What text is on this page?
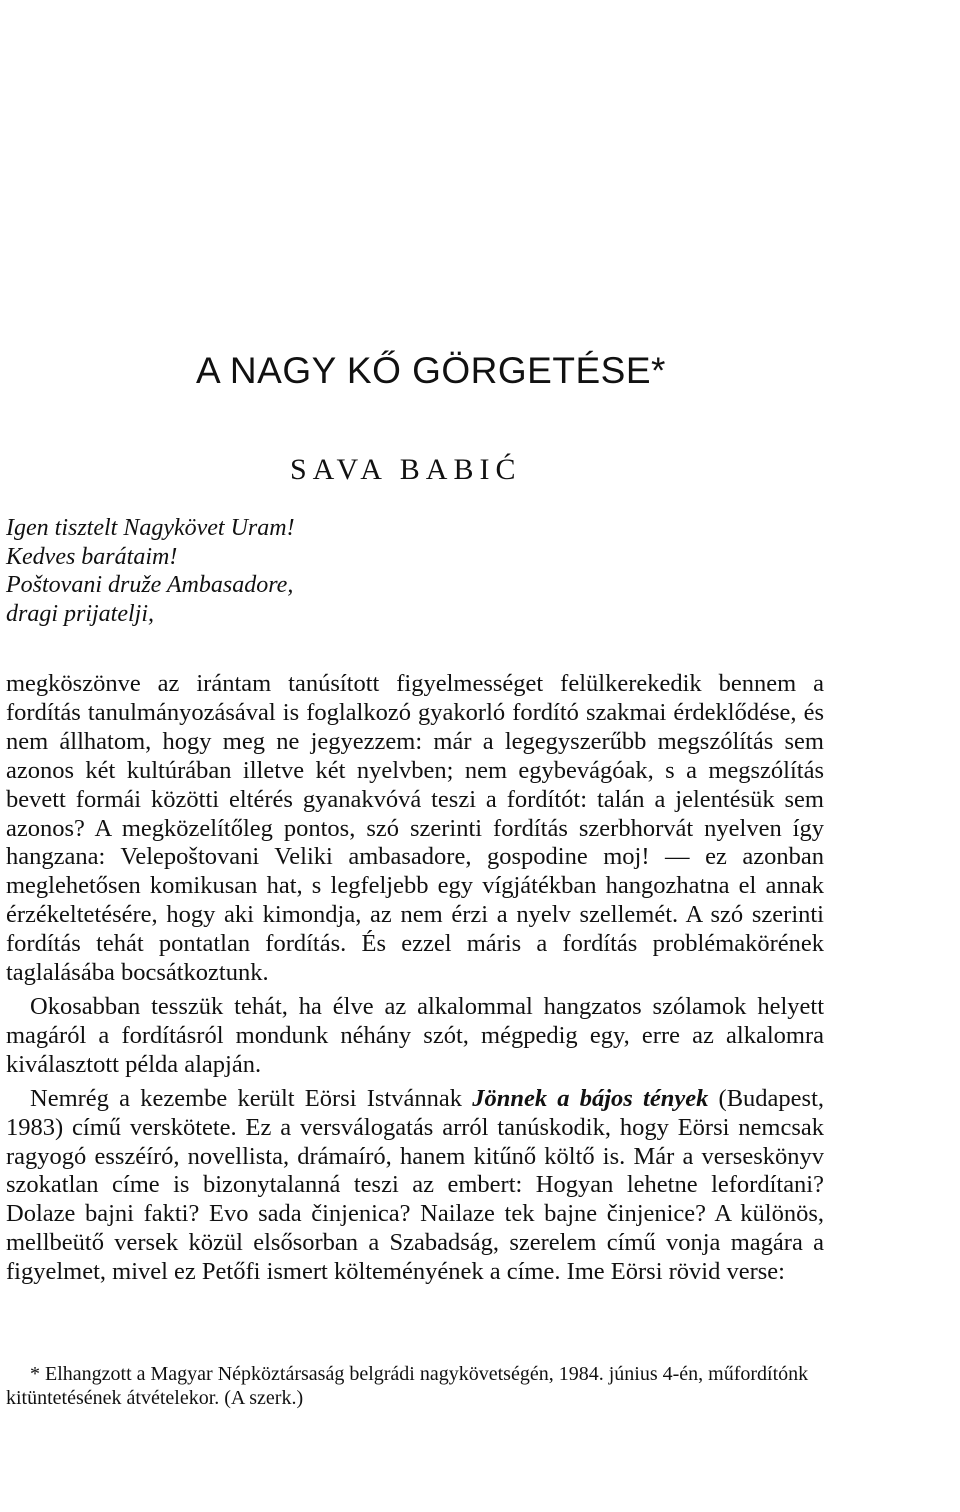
A NAGY KŐ GÖRGETÉSE*
SAVA BABIĆ
Igen tisztelt Nagykövet Uram!
Kedves barátaim!
Poštovani druže Ambasadore,
dragi prijatelji,

megköszönve az irántam tanúsított figyelmességet felülkerekedik bennem a fordítás tanulmányozásával is foglalkozó gyakorló fordító szakmai érdeklődése, és nem állhatom, hogy meg ne jegyezzem: már a legegyszerűbb megszólítás sem azonos két kultúrában illetve két nyelvben; nem egybevágóak, s a megszólítás bevett formái közötti eltérés gyanakvóvá teszi a fordítót: talán a jelentésük sem azonos? A megközelítőleg pontos, szó szerinti fordítás szerbhorvát nyelven így hangzana: Velepoštovani Veliki ambasadore, gospodine moj! — ez azonban meglehetősen komikusan hat, s legfeljebb egy vígjátékban hangozhatna el annak érzékeltetésére, hogy aki kimondja, az nem érzi a nyelv szellemét. A szó szerinti fordítás tehát pontatlan fordítás. És ezzel máris a fordítás problémakörének taglalásába bocsátkoztunk.

Okosabban tesszük tehát, ha élve az alkalommal hangzatos szólamok helyett magáról a fordításról mondunk néhány szót, mégpedig egy, erre az alkalomra kiválasztott példa alapján.

Nemrég a kezembe került Eörsi Istvánnak Jönnek a bájos tények (Budapest, 1983) című verskötete. Ez a versválogatás arról tanúskodik, hogy Eörsi nemcsak ragyogó esszéíró, novellista, drámaíró, hanem kitűnő költő is. Már a verseskönyv szokatlan címe is bizonytalanná teszi az embert: Hogyan lehetne lefordítani? Dolaze bajni fakti? Evo sada činjenica? Nailaze tek bajne činjenice? A különös, mellbeütő versek közül elsősorban a Szabadság, szerelem című vonja magára a figyelmet, mivel ez Petőfi ismert költeményének a címe. Ime Eörsi rövid verse:

* Elhangzott a Magyar Népköztársaság belgrádi nagykövetségén, 1984. június 4-én, műfordítónk kitüntetésének átvételekor. (A szerk.)
